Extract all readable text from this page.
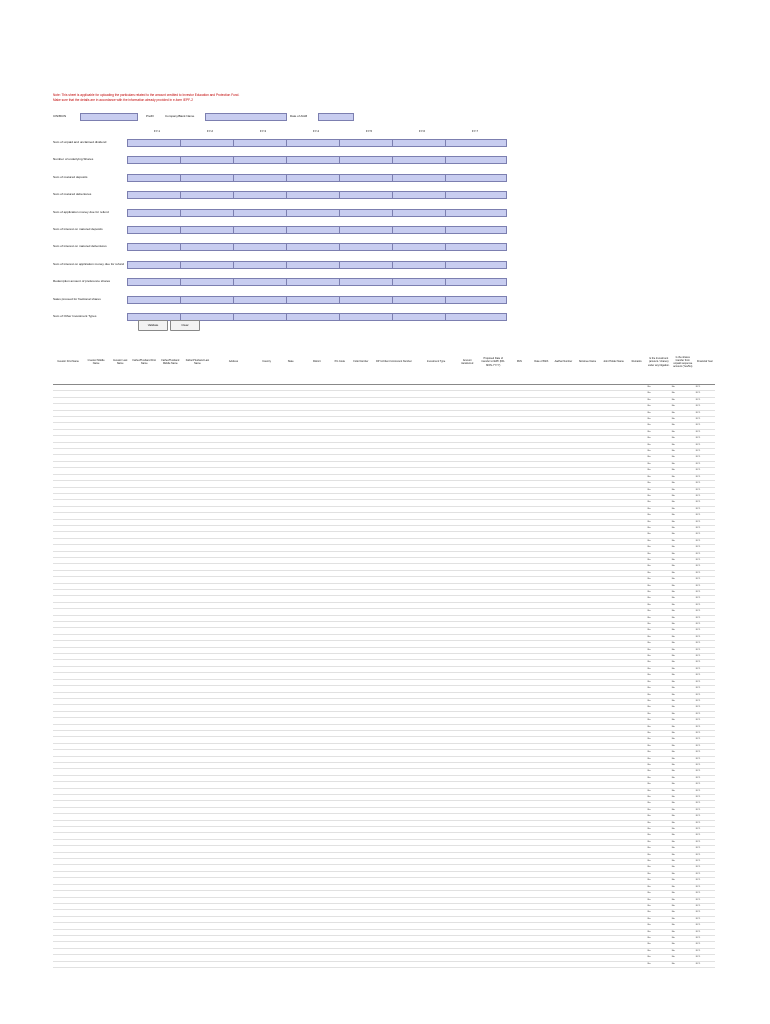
Note: This sheet is applicable for uploading the particulars related to the amount credited to Investor Education and Protection Fund.
Make sure that the details are in accordance with the information already provided in e-form IEPF-2
CIN/BCIN	Prefill	Company/Bank Name	Date of AGM
FY-1	FY-2	FY-3	FY-4	FY-5	FY-6	FY-7
Sum of unpaid and unclaimed dividend
Number of underlying Shares
Sum of matured deposits
Sum of matured debentures
Sum of application money due for refund
Sum of interest on matured deposits
Sum of interest on matured debentures
Sum of interest on application money due for refund
Redemption amount of preference shares
Sales proceed for fractional shares
Sum of Other Investment Types
Validate	Clear
Investor First Name	Investor Middle Name	Investor Last Name	Father/Husband First Name	Father/Husband Middle Name	Father/Husband Last Name	Address	Country	State	District	Pin Code	Folio Number	DP Id-Client Id-Account Number	Investment Type	Amount transferred	Proposed Date of transfer to IEPF (DD-MON-YYYY)	PAN	Date of Birth	Aadhar Number	Nominee Name	Joint Holder Name	Remarks	Is the Investment (amount / shares) under any litigation.	Is the shares transfer from unpaid suspense account (Yes/No)	Financial Year
																						No	No	FY-1
																						No	No	FY-1
																						No	No	FY-1
																						No	No	FY-1
																						No	No	FY-1
																						No	No	FY-1
																						No	No	FY-1
																						No	No	FY-1
																						No	No	FY-1
																						No	No	FY-1
																						No	No	FY-1
																						No	No	FY-1
																						No	No	FY-1
																						No	No	FY-1
																						No	No	FY-1
																						No	No	FY-1
																						No	No	FY-1
																						No	No	FY-1
																						No	No	FY-1
																						No	No	FY-1
																						No	No	FY-1
																						No	No	FY-1
																						No	No	FY-1
																						No	No	FY-1
																						No	No	FY-1
																						No	No	FY-1
																						No	No	FY-1
																						No	No	FY-1
																						No	No	FY-1
																						No	No	FY-1
																						No	No	FY-1
																						No	No	FY-1
																						No	No	FY-1
																						No	No	FY-1
																						No	No	FY-1
																						No	No	FY-1
																						No	No	FY-1
																						No	No	FY-1
																						No	No	FY-1
																						No	No	FY-1
																						No	No	FY-1
																						No	No	FY-1
																						No	No	FY-1
																						No	No	FY-1
																						No	No	FY-1
																						No	No	FY-1
																						No	No	FY-1
																						No	No	FY-1
																						No	No	FY-1
																						No	No	FY-1
																						No	No	FY-1
																						No	No	FY-1
																						No	No	FY-1
																						No	No	FY-1
																						No	No	FY-1
																						No	No	FY-1
																						No	No	FY-1
																						No	No	FY-1
																						No	No	FY-1
																						No	No	FY-1
																						No	No	FY-1
																						No	No	FY-1
																						No	No	FY-1
																						No	No	FY-1
																						No	No	FY-1
																						No	No	FY-1
																						No	No	FY-1
																						No	No	FY-1
																						No	No	FY-1
																						No	No	FY-1
																						No	No	FY-1
																						No	No	FY-1
																						No	No	FY-1
																						No	No	FY-1
																						No	No	FY-1
																						No	No	FY-1
																						No	No	FY-1
																						No	No	FY-1
																						No	No	FY-1
																						No	No	FY-1
																						No	No	FY-1
																						No	No	FY-1
																						No	No	FY-1
																						No	No	FY-1
																						No	No	FY-1
																						No	No	FY-1
																						No	No	FY-1
																						No	No	FY-1
																						No	No	FY-1
																						No	No	FY-1
																						No	No	FY-1
